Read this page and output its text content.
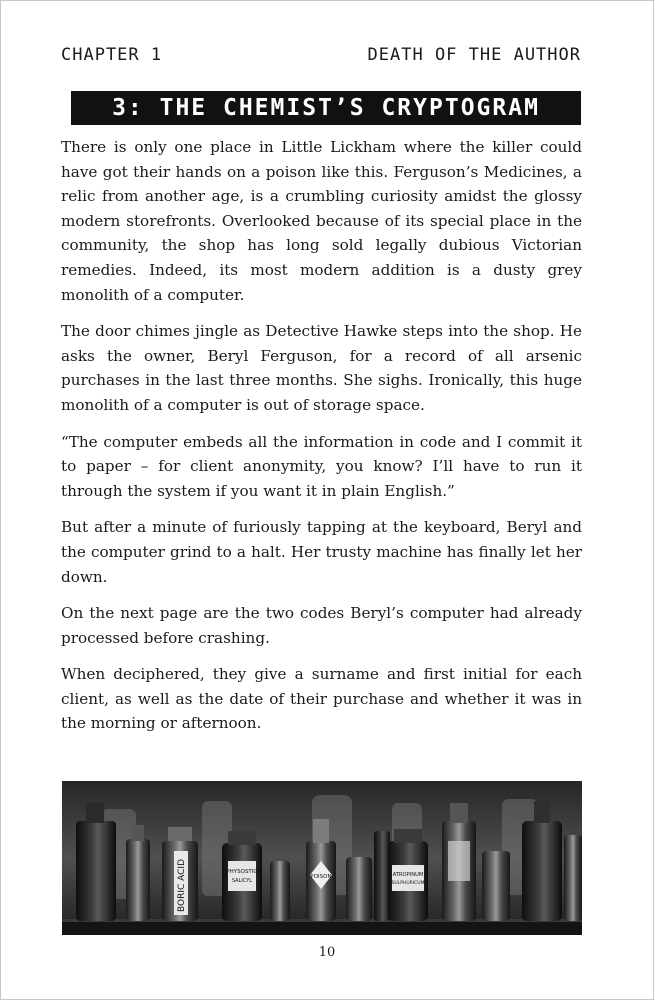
CHAPTER 1	DEATH OF THE AUTHOR
3: THE CHEMIST’S CRYPTOGRAM

There is only one place in Little Lickham where the killer could have got their hands on a poison like this. Ferguson’s Medicines, a relic from another age, is a crumbling curiosity amidst the glossy modern storefronts. Overlooked because of its special place in the community, the shop has long sold legally dubious Victorian remedies. Indeed, its most modern addition is a dusty grey monolith of a computer.

The door chimes jingle as Detective Hawke steps into the shop. He asks the owner, Beryl Ferguson, for a record of all arsenic purchases in the last three months. She sighs. Ironically, this huge monolith of a computer is out of storage space.

“The computer embeds all the information in code and I commit it to paper – for client anonymity, you know? I’ll have to run it through the system if you want it in plain English.”

But after a minute of furiously tapping at the keyboard, Beryl and the computer grind to a halt. Her trusty machine has finally let her down.

On the next page are the two codes Beryl’s computer had already processed before crashing.

When deciphered, they give a surname and first initial for each client, as well as the date of their purchase and whether it was in the morning or afternoon.

BORIC ACID	PHYSOSTIG
SALICYL
POISON	ATROPINUM
SULPHURICUM
10
